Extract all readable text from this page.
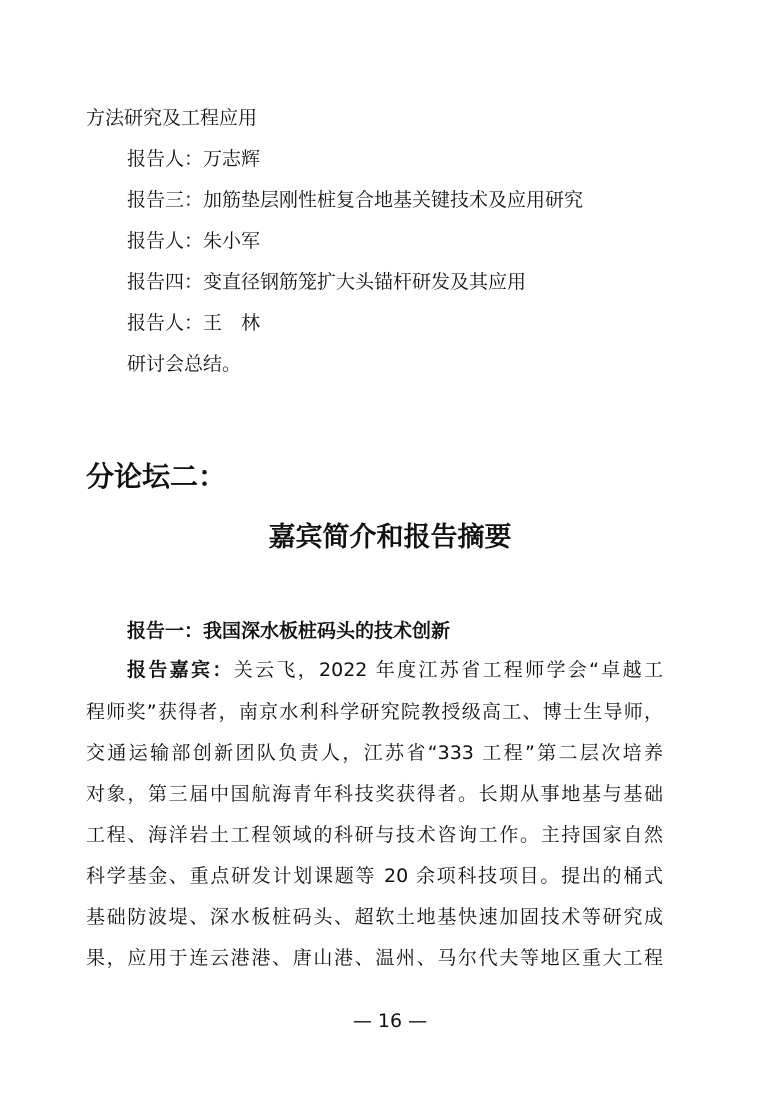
方法研究及工程应用
报告人：万志辉
报告三：加筋垫层刚性桩复合地基关键技术及应用研究
报告人：朱小军
报告四：变直径钢筋笼扩大头锚杆研发及其应用
报告人：王　林
研讨会总结。
分论坛二：
嘉宾简介和报告摘要
报告一：我国深水板桩码头的技术创新
报告嘉宾：关云飞，2022 年度江苏省工程师学会“卓越工
程师奖”获得者，南京水利科学研究院教授级高工、博士生导师，
交通运输部创新团队负责人，江苏省“333 工程”第二层次培养
对象，第三届中国航海青年科技奖获得者。长期从事地基与基础
工程、海洋岩土工程领域的科研与技术咨询工作。主持国家自然
科学基金、重点研发计划课题等 20 余项科技项目。提出的桶式
基础防波堤、深水板桩码头、超软土地基快速加固技术等研究成
果，应用于连云港港、唐山港、温州、马尔代夫等地区重大工程
— 16 —
